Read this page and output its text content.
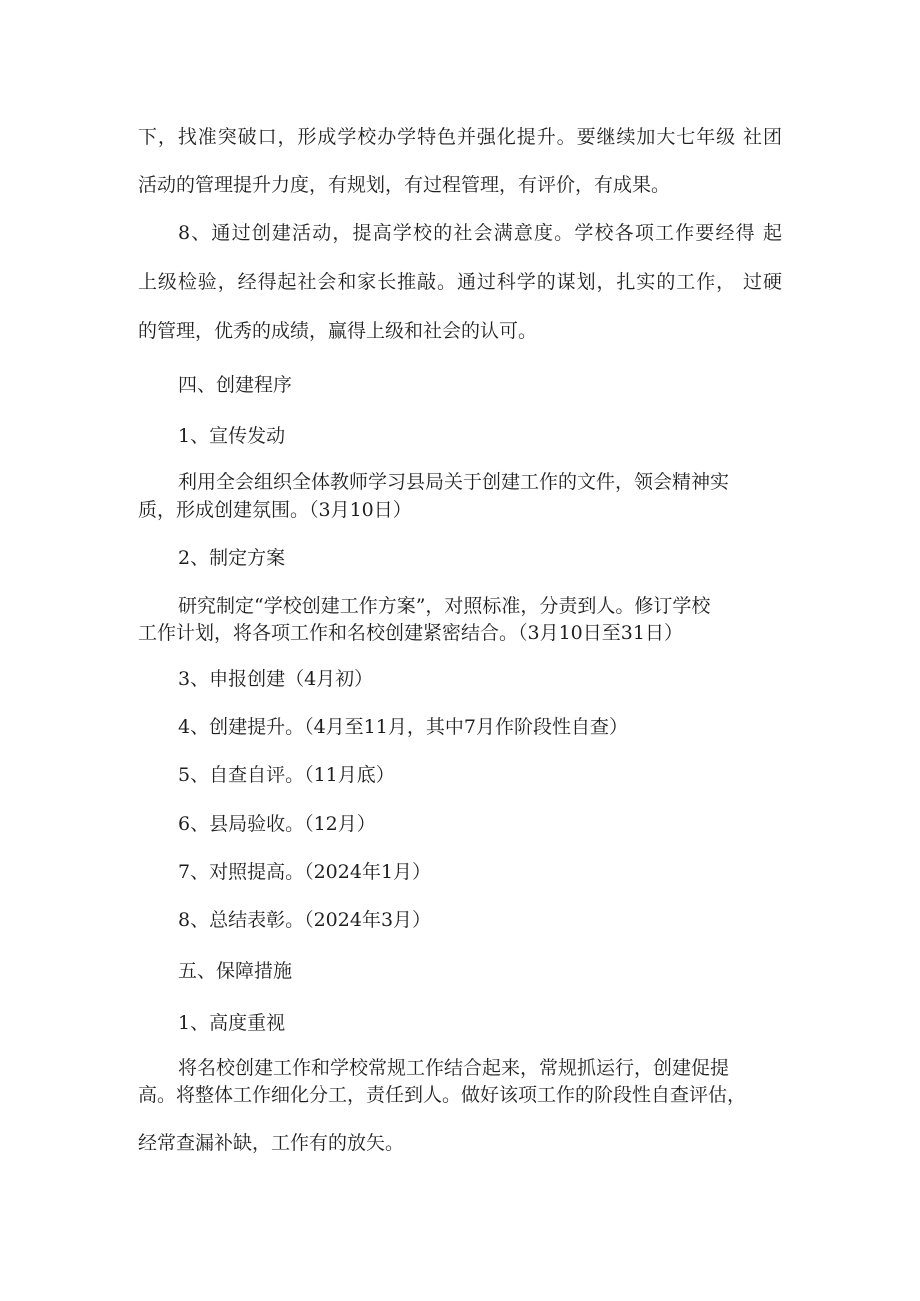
下，找准突破口，形成学校办学特色并强化提升。要继续加大七年级 社团
活动的管理提升力度，有规划，有过程管理，有评价，有成果。
8、通过创建活动，提高学校的社会满意度。学校各项工作要经得 起
上级检验，经得起社会和家长推敲。通过科学的谋划，扎实的工作， 过硬
的管理，优秀的成绩，赢得上级和社会的认可。
四、创建程序
1、宣传发动
利用全会组织全体教师学习县局关于创建工作的文件，领会精神实
质，形成创建氛围。（3月10日）
2、制定方案
研究制定“学校创建工作方案”，对照标准，分责到人。修订学校
工作计划，将各项工作和名校创建紧密结合。（3月10日至31日）
3、申报创建（4月初）
4、创建提升。（4月至11月，其中7月作阶段性自查）
5、自查自评。（11月底）
6、县局验收。（12月）
7、对照提高。（2024年1月）
8、总结表彰。（2024年3月）
五、保障措施
1、高度重视
将名校创建工作和学校常规工作结合起来，常规抓运行，创建促提
高。将整体工作细化分工，责任到人。做好该项工作的阶段性自查评估，
经常查漏补缺，工作有的放矢。
